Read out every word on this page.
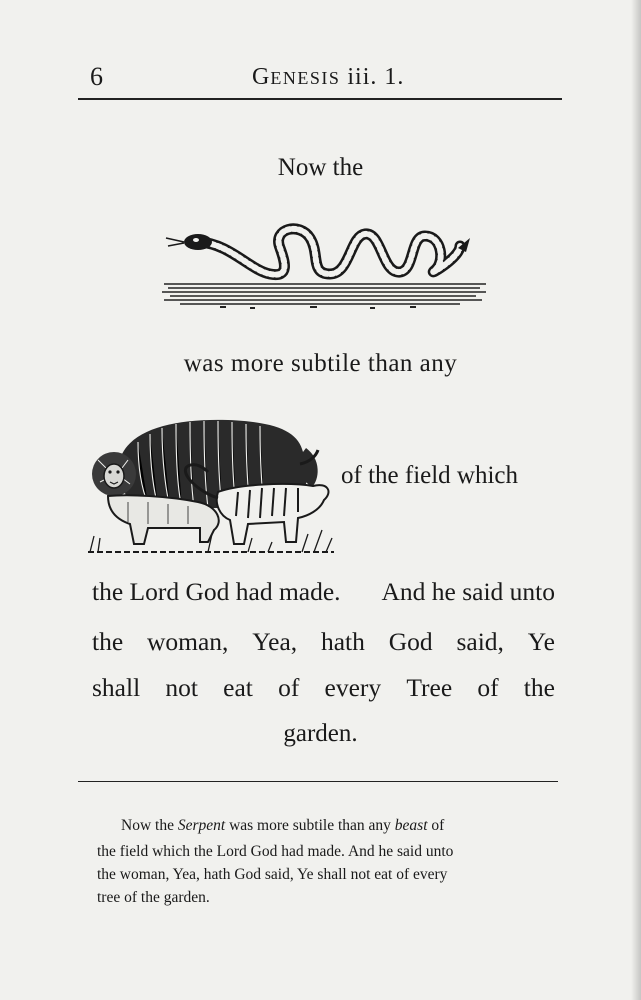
6	GENESIS iii. 1.
Now the
was more subtile than any
of the field which
the Lord God had made. And he said unto
the woman, Yea, hath God said, Ye
shall not eat of every Tree of the
garden.
Now the Serpent was more subtile than any beast of
the field which the Lord God had made. And he said unto
the woman, Yea, hath God said, Ye shall not eat of every
tree of the garden.
